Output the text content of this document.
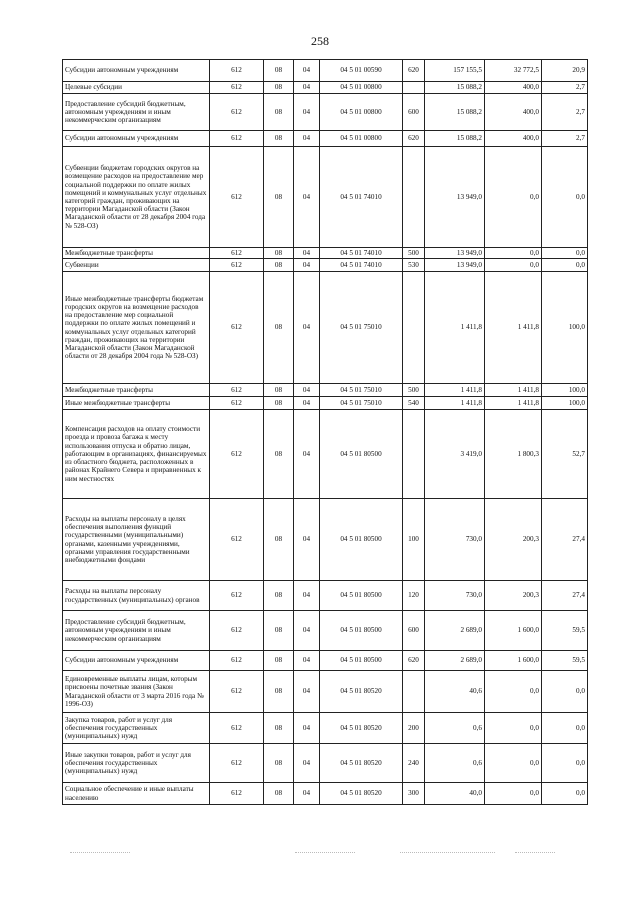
258
Субсидии автономным учреждениям	612	08	04	04 5 01 00590	620	157 155,5	32 772,5	20,9
Целевые субсидии	612	08	04	04 5 01 00800		15 088,2	400,0	2,7
Предоставление субсидий бюджетным, автономным учреждениям и иным некоммерческим организациям	612	08	04	04 5 01 00800	600	15 088,2	400,0	2,7
Субсидии автономным учреждениям	612	08	04	04 5 01 00800	620	15 088,2	400,0	2,7
Субвенции бюджетам городских округов на возмещение расходов на предоставление мер социальной поддержки по оплате жилых помещений и коммунальных услуг отдельных категорий граждан, проживающих на территории Магаданской области (Закон Магаданской области от 28 декабря 2004 года № 528-ОЗ)	612	08	04	04 5 01 74010		13 949,0	0,0	0,0
Межбюджетные трансферты	612	08	04	04 5 01 74010	500	13 949,0	0,0	0,0
Субвенции	612	08	04	04 5 01 74010	530	13 949,0	0,0	0,0
Иные межбюджетные трансферты бюджетам городских округов на возмещение расходов на предоставление мер социальной поддержки по оплате жилых помещений и коммунальных услуг отдельных категорий граждан, проживающих на территории Магаданской области (Закон Магаданской области от 28 декабря 2004 года № 528-ОЗ)	612	08	04	04 5 01 75010		1 411,8	1 411,8	100,0
Межбюджетные трансферты	612	08	04	04 5 01 75010	500	1 411,8	1 411,8	100,0
Иные межбюджетные трансферты	612	08	04	04 5 01 75010	540	1 411,8	1 411,8	100,0
Компенсация расходов на оплату стоимости проезда и провоза багажа к месту использования отпуска и обратно лицам, работающим в организациях, финансируемых из областного бюджета, расположенных в районах Крайнего Севера и приравненных к ним местностях	612	08	04	04 5 01 80500		3 419,0	1 800,3	52,7
Расходы на выплаты персоналу в целях обеспечения выполнения функций государственными (муниципальными) органами, казенными учреждениями, органами управления государственными внебюджетными фондами	612	08	04	04 5 01 80500	100	730,0	200,3	27,4
Расходы на выплаты персоналу государственных (муниципальных) органов	612	08	04	04 5 01 80500	120	730,0	200,3	27,4
Предоставление субсидий бюджетным, автономным учреждениям и иным некоммерческим организациям	612	08	04	04 5 01 80500	600	2 689,0	1 600,0	59,5
Субсидии автономным учреждениям	612	08	04	04 5 01 80500	620	2 689,0	1 600,0	59,5
Единовременные выплаты лицам, которым присвоены почетные звания (Закон Магаданской области от 3 марта 2016 года № 1996-ОЗ)	612	08	04	04 5 01 80520		40,6	0,0	0,0
Закупка товаров, работ и услуг для обеспечения государственных (муниципальных) нужд	612	08	04	04 5 01 80520	200	0,6	0,0	0,0
Иные закупки товаров, работ и услуг для обеспечения государственных (муниципальных) нужд	612	08	04	04 5 01 80520	240	0,6	0,0	0,0
Социальное обеспечение и иные выплаты населению	612	08	04	04 5 01 80520	300	40,0	0,0	0,0
